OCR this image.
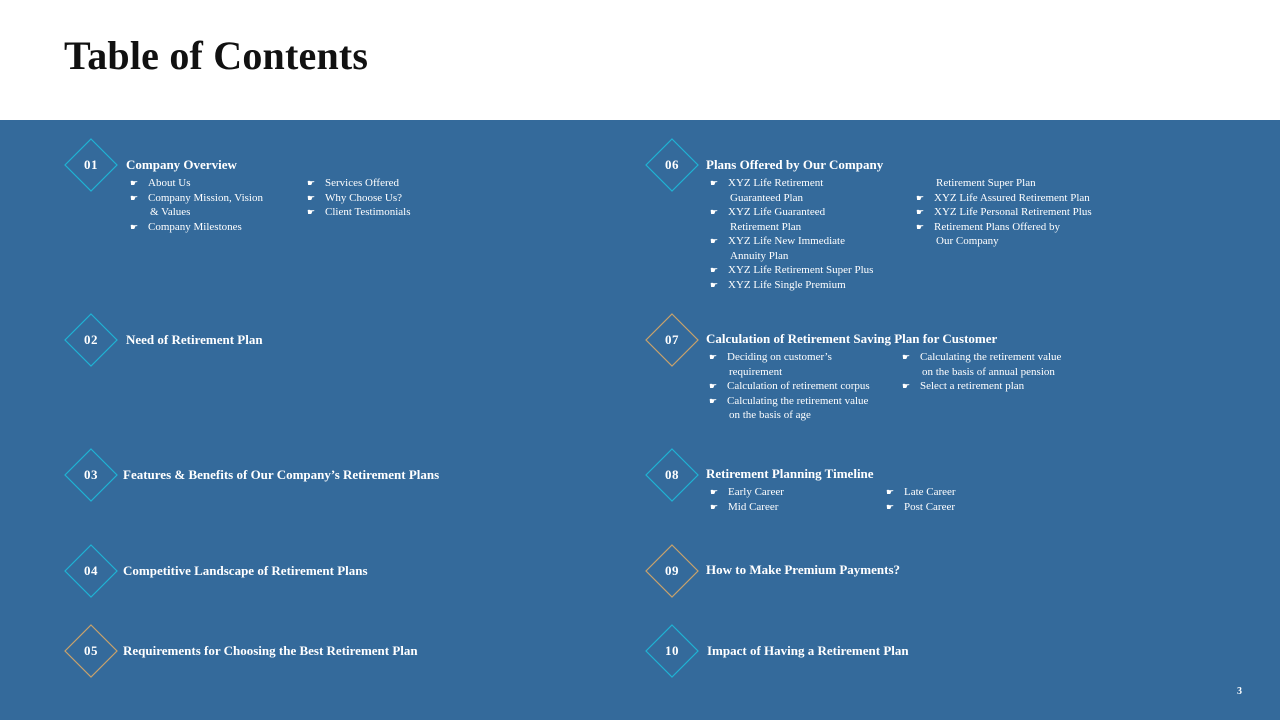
Table of Contents
01	Company Overview
☛ About Us
☛ Company Mission, Vision
& Values
☛ Company Milestones
☛ Services Offered
☛ Why Choose Us?
☛ Client Testimonials
02	Need of Retirement Plan
03	Features & Benefits of Our Company’s Retirement Plans
04	Competitive Landscape of Retirement Plans
05	Requirements for Choosing the Best Retirement Plan
06	Plans Offered by Our Company
☛ XYZ Life Retirement
Guaranteed Plan
☛ XYZ Life Guaranteed
Retirement Plan
☛ XYZ Life New Immediate
Annuity Plan
☛ XYZ Life Retirement Super Plus
☛ XYZ Life Single Premium
Retirement Super Plan
☛ XYZ Life Assured Retirement Plan
☛ XYZ Life Personal Retirement Plus
☛ Retirement Plans Offered by
Our Company
07	Calculation of Retirement Saving Plan for Customer
☛ Deciding on customer’s
requirement
☛ Calculation of retirement corpus
☛ Calculating the retirement value
on the basis of age
☛ Calculating the retirement value
on the basis of annual pension
☛ Select a retirement plan
08	Retirement Planning Timeline
☛ Early Career
☛ Mid Career
☛ Late Career
☛ Post Career
09	How to Make Premium Payments?
10	Impact of Having a Retirement Plan
3
